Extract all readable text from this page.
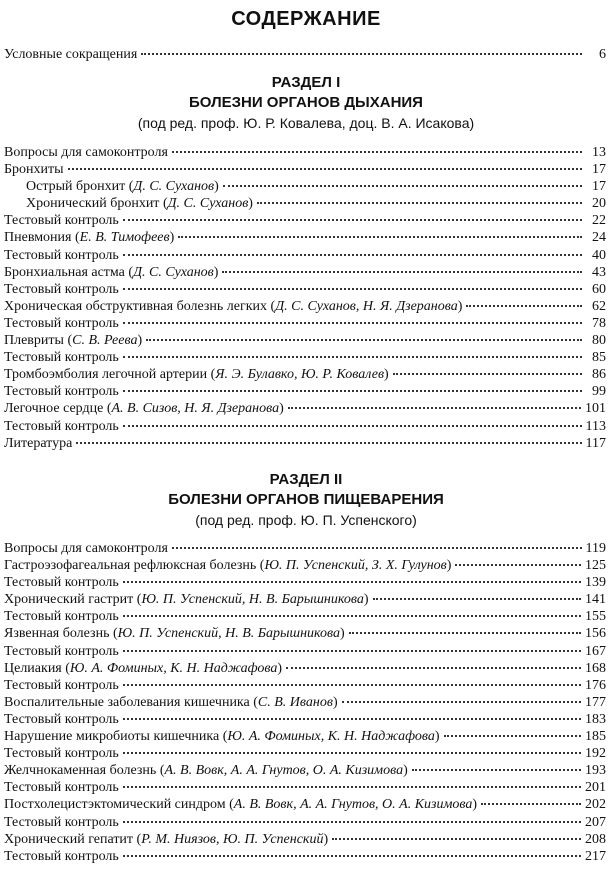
СОДЕРЖАНИЕ
Условные сокращения	6
РАЗДЕЛ I
БОЛЕЗНИ ОРГАНОВ ДЫХАНИЯ
(под ред. проф. Ю. Р. Ковалева, доц. В. А. Исакова)
Вопросы для самоконтроля	13
Бронхиты	17
Острый бронхит (Д. С. Суханов)	17
Хронический бронхит (Д. С. Суханов)	20
Тестовый контроль	22
Пневмония (Е. В. Тимофеев)	24
Тестовый контроль	40
Бронхиальная астма (Д. С. Суханов)	43
Тестовый контроль	60
Хроническая обструктивная болезнь легких (Д. С. Суханов, Н. Я. Дзеранова)	62
Тестовый контроль	78
Плевриты (С. В. Реева)	80
Тестовый контроль	85
Тромбоэмболия легочной артерии (Я. Э. Булавко, Ю. Р. Ковалев)	86
Тестовый контроль	99
Легочное сердце (А. В. Сизов, Н. Я. Дзеранова)	101
Тестовый контроль	113
Литература	117
РАЗДЕЛ II
БОЛЕЗНИ ОРГАНОВ ПИЩЕВАРЕНИЯ
(под ред. проф. Ю. П. Успенского)
Вопросы для самоконтроля	119
Гастроэзофагеальная рефлюксная болезнь (Ю. П. Успенский, З. Х. Гулунов)	125
Тестовый контроль	139
Хронический гастрит (Ю. П. Успенский, Н. В. Барышникова)	141
Тестовый контроль	155
Язвенная болезнь (Ю. П. Успенский, Н. В. Барышникова)	156
Тестовый контроль	167
Целиакия (Ю. А. Фоминых, К. Н. Наджафова)	168
Тестовый контроль	176
Воспалительные заболевания кишечника (С. В. Иванов)	177
Тестовый контроль	183
Нарушение микробиоты кишечника (Ю. А. Фоминых, К. Н. Наджафова)	185
Тестовый контроль	192
Желчнокаменная болезнь (А. В. Вовк, А. А. Гнутов, О. А. Кизимова)	193
Тестовый контроль	201
Постхолецистэктомический синдром (А. В. Вовк, А. А. Гнутов, О. А. Кизимова)	202
Тестовый контроль	207
Хронический гепатит (Р. М. Ниязов, Ю. П. Успенский)	208
Тестовый контроль	217
